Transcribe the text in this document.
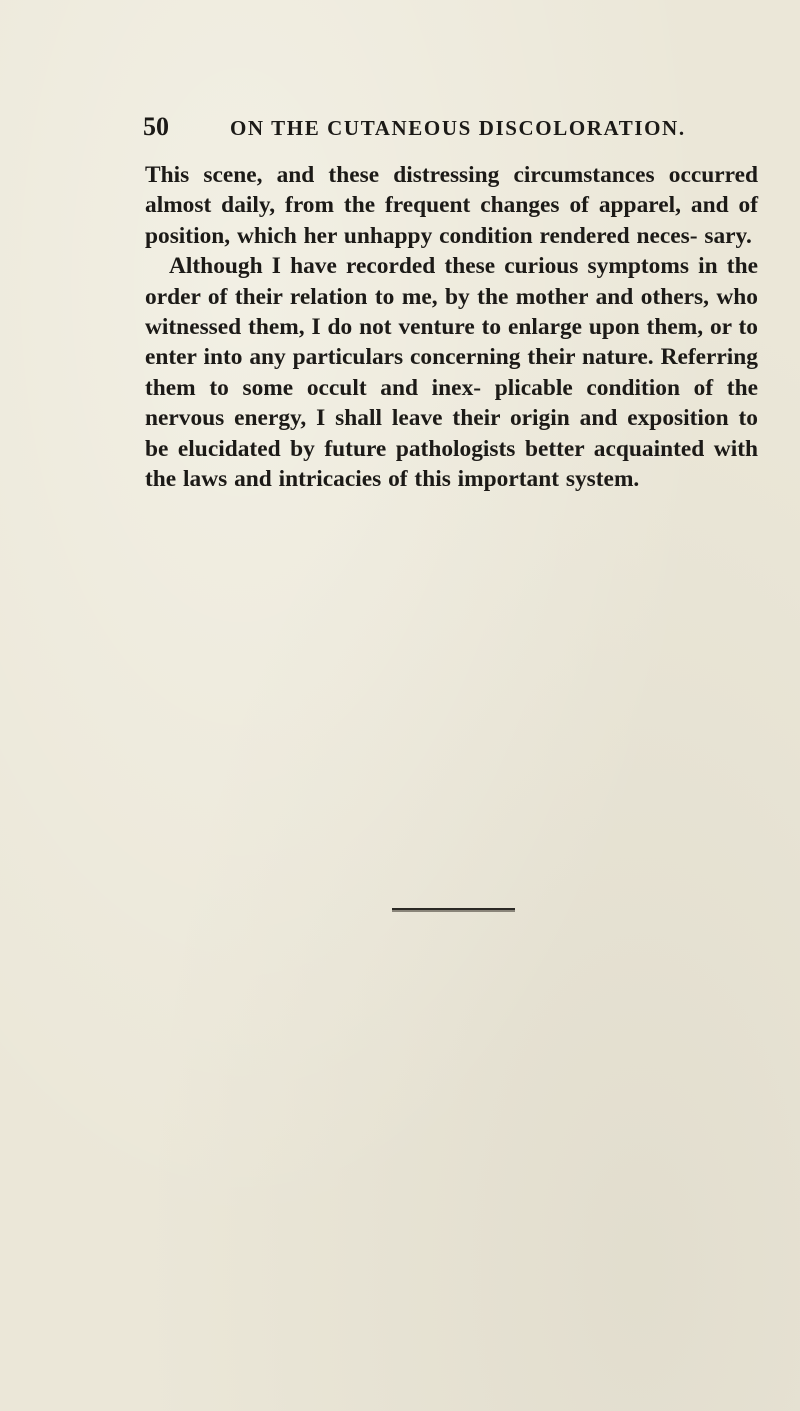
50	ON THE CUTANEOUS DISCOLORATION.

This scene, and these distressing circumstances occurred almost daily, from the frequent changes of apparel, and of position, which her unhappy condition rendered neces- sary.

Although I have recorded these curious symptoms in the order of their relation to me, by the mother and others, who witnessed them, I do not venture to enlarge upon them, or to enter into any particulars concerning their nature. Referring them to some occult and inex- plicable condition of the nervous energy, I shall leave their origin and exposition to be elucidated by future pathologists better acquainted with the laws and intricacies of this important system.
